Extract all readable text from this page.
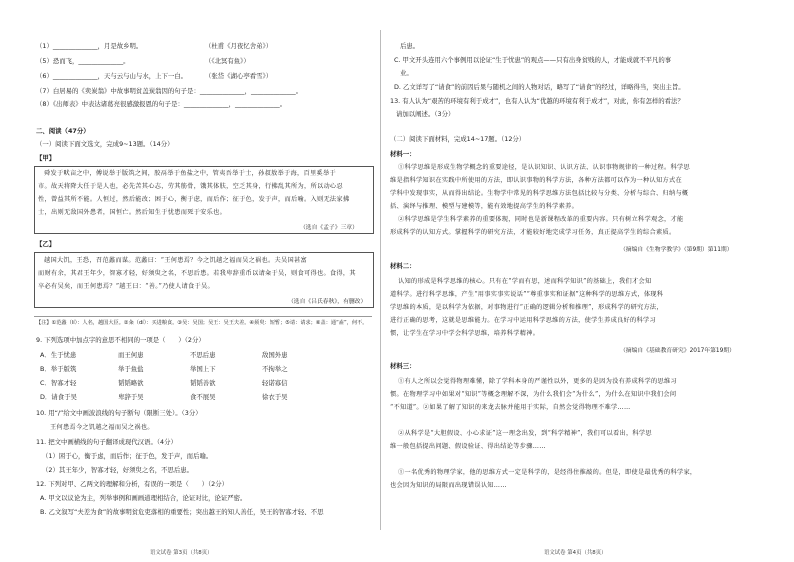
（1）______________，月是故乡明。	（杜甫《月夜忆舍弟》）
（5）恐而飞，______________。	（《北冥有鱼》）
（6）______________，天与云与山与水，上下一白。	（张岱《湖心亭看雪》）
（7）白居易的《卖炭翁》中故事明贫盖炭翁因的句子是：______________，______________。
（8）《出师表》中表达诸葛亮很感激报恩的句子是：______________，______________。
二、阅读（47分）
（一）阅读下面文选文，完成9~13题。（14分）
【甲】
舜发于畎亩之中，傅说举于版筑之间，胶鬲举于鱼盐之中，管夷吾举于士，孙叔敖举于海，百里奚举于
市。故天将降大任于是人也，必先苦其心志，劳其筋骨，饿其体肤，空乏其身，行拂乱其所为，所以动心忍
性，曾益其所不能。人恒过，然后能改；困于心，衡于虑，而后作；征于色，发于声，而后喻。入则无法家拂
士，出则无敌国外患者，国恒亡。然后知生于忧患而死于安乐也。
（选自《孟子》三章）
【乙】
越国大饥，王恐，召范蠡而谋。范蠡曰：“王何患焉？今之饥越之福而吴之祸也。夫吴国甚富
而财有余，其君王年少，智寡才轻，好须臾之名，不思后患。若我卑辞重币以请籴于吴，则食可得也。食得，其
卒必有吴矣，而王何患焉？”越王曰：“善。”乃使人请食于吴。
（选自《吕氏春秋》，有删改）
【注】①范蠡（lí）：人名，越国大臣。②籴（dí）：买进粮食。③吴：吴国；吴王：吴王夫差。④须臾：短暂；⑤请：请求；⑥盖：通“盍”，何不。
9. 下列选项中加点字的意思不相同的一项是（　　）（2分）
A．生于忧患	而王何患	不思后患	敌国外患
B．举于版筑	举于鱼盐	举国上下	不拘举之
C．智寡才轻	韬韬略欲	韬韬善欲	轻诺寡信
D．请食于吴	卑辞于吴	食不展吴	徐衣于吴
10. 用“/”给文中画波浪线的句子断句（限断三处）。（3分）
王何患焉今之饥越之福而吴之祸也。
11. 把文中画横线的句子翻译成现代汉语。（4分）
（1）困于心，衡于虑，而后作；征于色，发于声，而后喻。
（2）其王年少，智寡才轻，好须臾之名，不思后患。
12. 下列对甲、乙两文的理解和分析，有误的一项是（　　）（2分）
A. 甲文以议论为主，列举事例和画画道理相结合，论证对比，论证严密。
B. 乙文叙写“夫差为食”的故事明贫危吏落相的重要性；突出越王的知人善任，吴王的智寡才轻、不思
语文试卷 第3页（共8页）
后患。
C. 甲文开头连用六个事例用以论证“生于忧患”的观点——只有出身贫贱的人，才能成就不平凡的事
业。
D. 乙文详写了“请食”的前因后果与随机之间的人物对话，略写了“请食”的经过，详略得当，突出主旨。
13. 有人认为“艰苦的环境有利于成才”，也有人认为“优越的环境有利于成才”，对此，你有怎样的看法？
请加以阐述。（3分）
（二）阅读下面材料，完成14~17题。（12分）
材料一：
①科学思维是形成生物学概念的重要途径，是认识知识、认识方法、认识事物规律的一种过程。科学思
维是指科学知识在实践中所使用的方法，即认识事物的科学方法，各种方法都可以作为一种认知方式在
学科中发现事实，从而得出结论。生物学中常见的科学思维方法包括比较与分类、分析与综合、归纳与概
括、演绎与推理、模型与建模等，能有效地提高学生的科学素养。
②科学思维是学生科学素养的重要体现，同时也是新课程改革的重要内容。只有树立科学观念，才能
形成科学的认知方式。掌握科学的研究方法，才能较好地完成学习任务，真正提高学生的综合素质。
（摘编自《生物学教学》（第9期）第11期）
材料二：
认知的形成是科学思维的核心。只有在“学而有思，述而科学知识”的基础上，我们才会知
道科学。进行科学思维，产生“用事实事实说话”“尊重事实和证据”这种科学的思维方式，体现科
学思维的本质，是以科学为依据，对事物进行“正确的逻辑分析和推理”，形成科学的研究方法，
进行正确的思考，这就是思维能力。在学习中运用科学思维的方法，使学生养成良好的科学习
惯，让学生在学习中学会科学思维，培养科学精神。
（摘编自《基础教育研究》2017年第19期）
材料三：
①有人之所以会觉得物理难懂，除了学科本身的严谨性以外，更多的是因为没有养成科学的思维习
惯。在物理学习中如果对“知识”等概念理解不深，为什么我们会“为什么”，为什么在知识中我们会问
“不知道”。②如果了解了知识的来龙去脉并能用于实际，自然会觉得物理不难学……
②从科学是“大胆假设、小心求证”这一理念出发，到“科学精神”，我们可以看出，科学思
维一般包括提出问题、假设验证、得出结论等步骤……
①一名优秀的物理学家，他的思维方式一定是科学的，是经得住推敲的。但是，即使是最优秀的科学家，
也会因为知识的局限而出现错误认知……
语文试卷 第4页（共8页）
